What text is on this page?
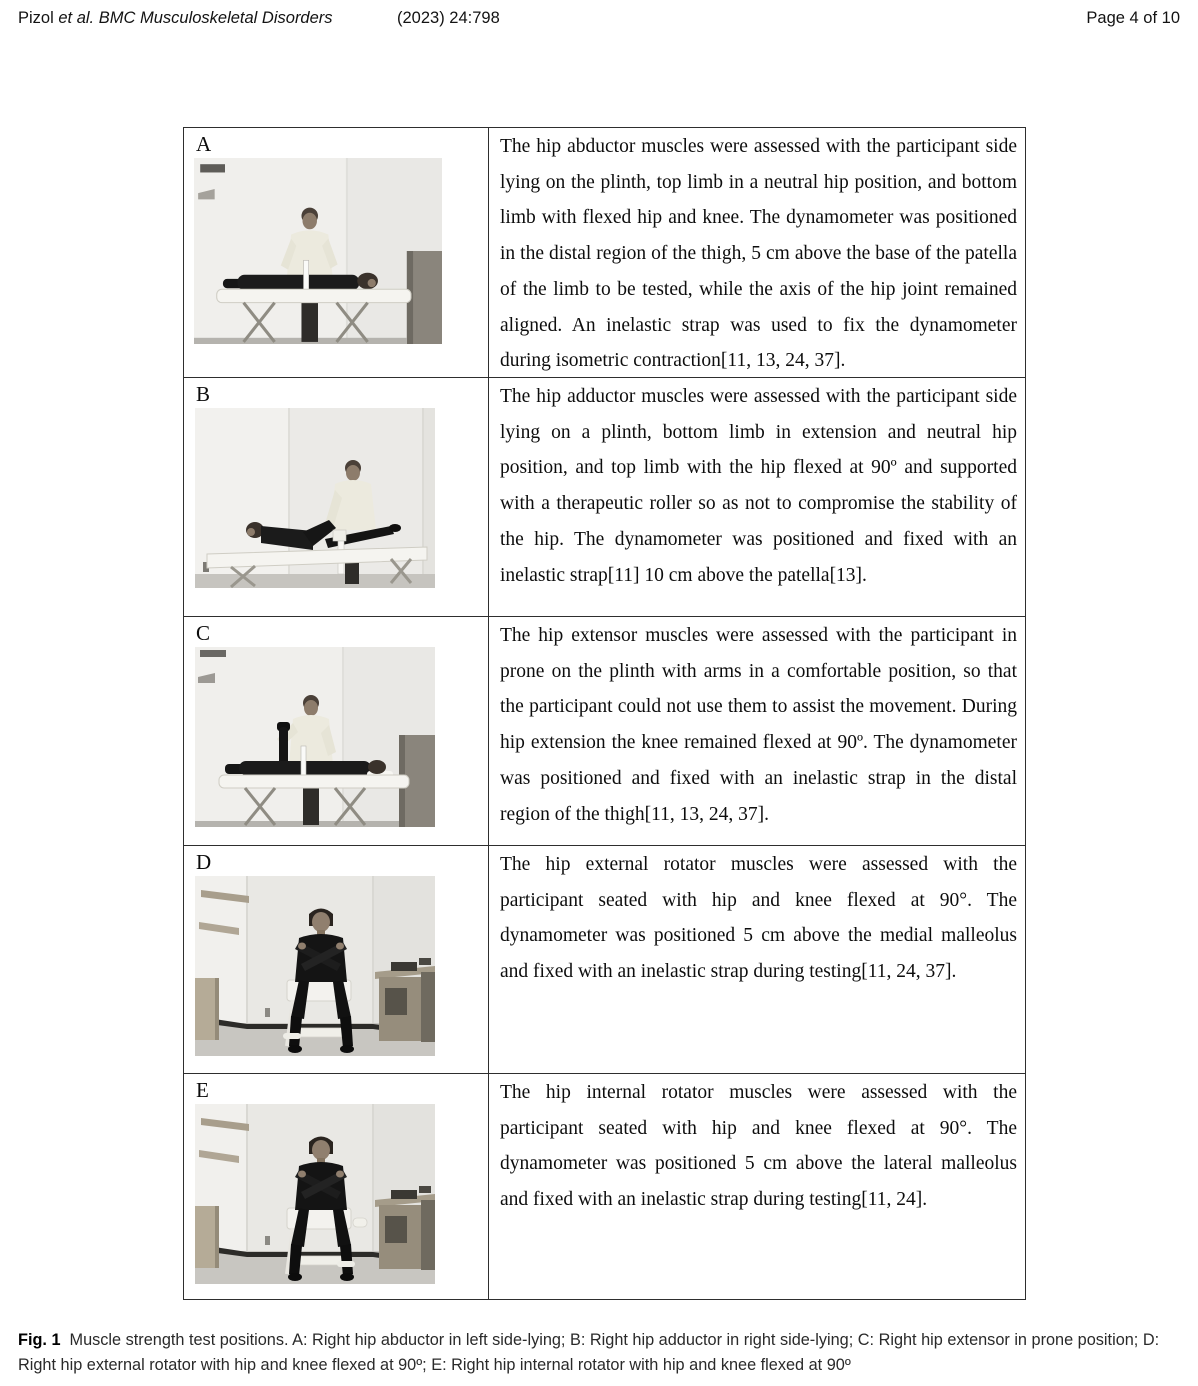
Pizol et al. BMC Musculoskeletal Disorders	(2023) 24:798	Page 4 of 10
A	The hip abductor muscles were assessed with the participant side lying on the plinth, top limb in a neutral hip position, and bottom limb with flexed hip and knee. The dynamometer was positioned in the distal region of the thigh, 5 cm above the base of the patella of the limb to be tested, while the axis of the hip joint remained aligned. An inelastic strap was used to fix the dynamometer during isometric contraction[11, 13, 24, 37].

B	The hip adductor muscles were assessed with the participant side lying on a plinth, bottom limb in extension and neutral hip position, and top limb with the hip flexed at 90º and supported with a therapeutic roller so as not to compromise the stability of the hip. The dynamometer was positioned and fixed with an inelastic strap[11] 10 cm above the patella[13].

C	The hip extensor muscles were assessed with the participant in prone on the plinth with arms in a comfortable position, so that the participant could not use them to assist the movement. During hip extension the knee remained flexed at 90º. The dynamometer was positioned and fixed with an inelastic strap in the distal region of the thigh[11, 13, 24, 37].

D	The hip external rotator muscles were assessed with the participant seated with hip and knee flexed at 90°. The dynamometer was positioned 5 cm above the medial malleolus and fixed with an inelastic strap during testing[11, 24, 37].

E	The hip internal rotator muscles were assessed with the participant seated with hip and knee flexed at 90°. The dynamometer was positioned 5 cm above the lateral malleolus and fixed with an inelastic strap during testing[11, 24].

Fig. 1 Muscle strength test positions. A: Right hip abductor in left side-lying; B: Right hip adductor in right side-lying; C: Right hip extensor in prone position; D: Right hip external rotator with hip and knee flexed at 90º; E: Right hip internal rotator with hip and knee flexed at 90º
